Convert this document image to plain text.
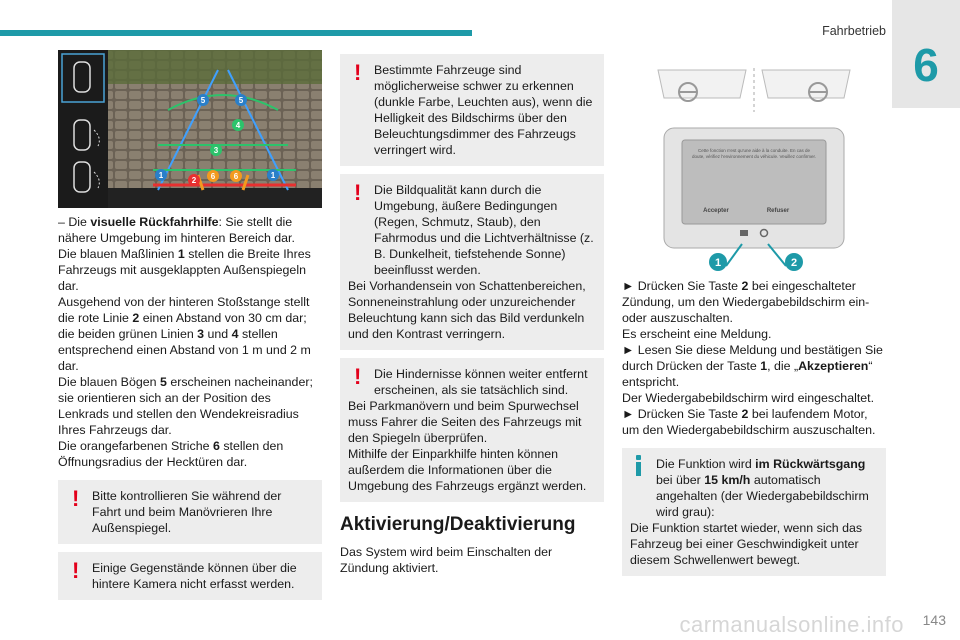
Fahrbetrieb
6
5	5
4
3
1
2 6 6	1

– Die visuelle Rückfahrhilfe: Sie stellt die nähere Umgebung im hinteren Bereich dar.

Die blauen Maßlinien 1 stellen die Breite Ihres Fahrzeugs mit ausgeklappten Außenspiegeln dar.

Ausgehend von der hinteren Stoßstange stellt die rote Linie 2 einen Abstand von 30 cm dar; die beiden grünen Linien 3 und 4 stellen entsprechend einen Abstand von 1 m und 2 m dar.

Die blauen Bögen 5 erscheinen nacheinander; sie orientieren sich an der Position des Lenkrads und stellen den Wendekreisradius Ihres Fahrzeugs dar.

Die orangefarbenen Striche 6 stellen den Öffnungsradius der Hecktüren dar.

!	Bitte kontrollieren Sie während der Fahrt und beim Manövrieren Ihre Außenspiegel.
!	Einige Gegenstände können über die hintere Kamera nicht erfasst werden.
!	Bestimmte Fahrzeuge sind möglicherweise schwer zu erkennen (dunkle Farbe, Leuchten aus), wenn die Helligkeit des Bildschirms über den Beleuchtungsdimmer des Fahrzeugs verringert wird.
!	Die Bildqualität kann durch die Umgebung, äußere Bedingungen (Regen, Schmutz, Staub), den Fahrmodus und die Lichtverhältnisse (z. B. Dunkelheit, tiefstehende Sonne) beeinflusst werden.

Bei Vorhandensein von Schattenbereichen, Sonneneinstrahlung oder unzureichender Beleuchtung kann sich das Bild verdunkeln und den Kontrast verringern.

!	Die Hindernisse können weiter entfernt erscheinen, als sie tatsächlich sind.

Bei Parkmanövern und beim Spurwechsel muss Fahrer die Seiten des Fahrzeugs mit den Spiegeln überprüfen.

Mithilfe der Einparkhilfe hinten können außerdem die Informationen über die Umgebung des Fahrzeugs ergänzt werden.

Aktivierung/Deaktivierung

Das System wird beim Einschalten der Zündung aktiviert.

Cette fonction n'est qu'une aide à la conduite. En cas de doute, vérifiez l'environnement du véhicule. Veuillez confirmer.
Accepter	Refuser
1	2

► Drücken Sie Taste 2 bei eingeschalteter Zündung, um den Wiedergabebildschirm ein- oder auszuschalten.

Es erscheint eine Meldung.

► Lesen Sie diese Meldung und bestätigen Sie durch Drücken der Taste 1, die „Akzeptieren“ entspricht.

Der Wiedergabebildschirm wird eingeschaltet.

► Drücken Sie Taste 2 bei laufendem Motor, um den Wiedergabebildschirm auszuschalten.

Die Funktion wird im Rückwärtsgang bei über 15 km/h automatisch angehalten (der Wiedergabebildschirm wird grau):

Die Funktion startet wieder, wenn sich das Fahrzeug bei einer Geschwindigkeit unter diesem Schwellenwert bewegt.

carmanualsonline.info 143
